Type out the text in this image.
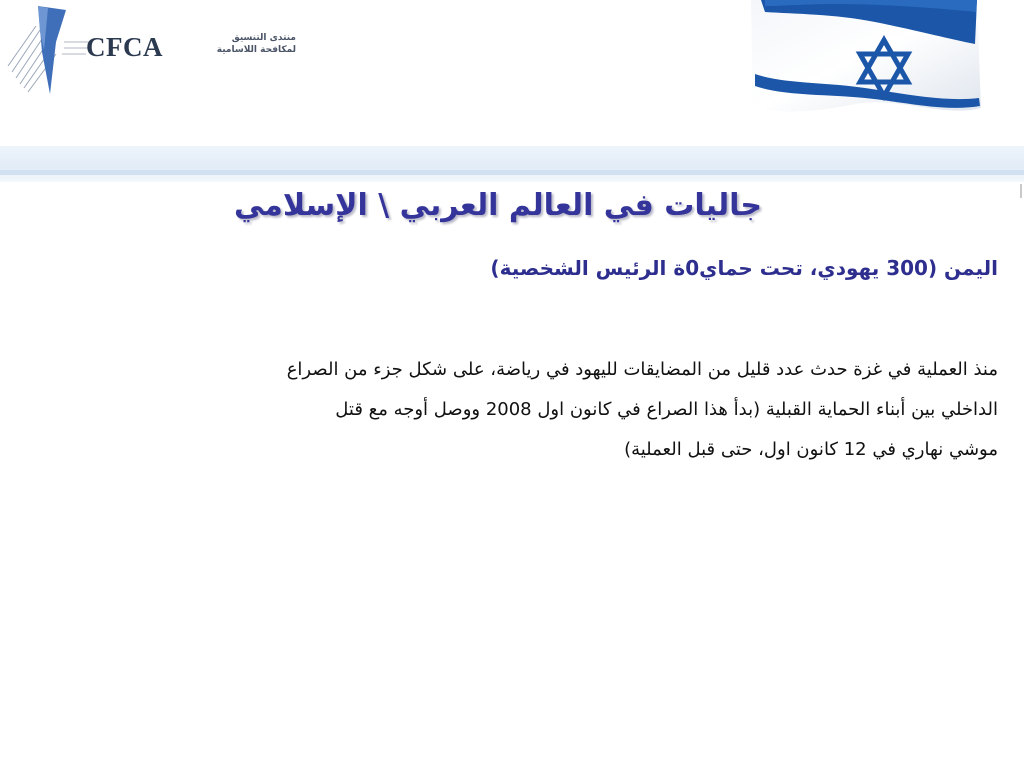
CFCA	منتدى التنسيق
لمكافحة اللاسامية
جاليات في العالم العربي \ الإسلامي

اليمن (300 يهودي، تحت حماي0ة الرئيس الشخصية)

منذ العملية في غزة حدث عدد قليل من المضايقات لليهود في رياضة، على شكل جزء من الصراع
الداخلي بين أبناء الحماية القبلية (بدأ هذا الصراع في كانون اول 2008 ووصل أوجه مع قتل
موشي نهاري في 12 كانون اول، حتى قبل العملية)
